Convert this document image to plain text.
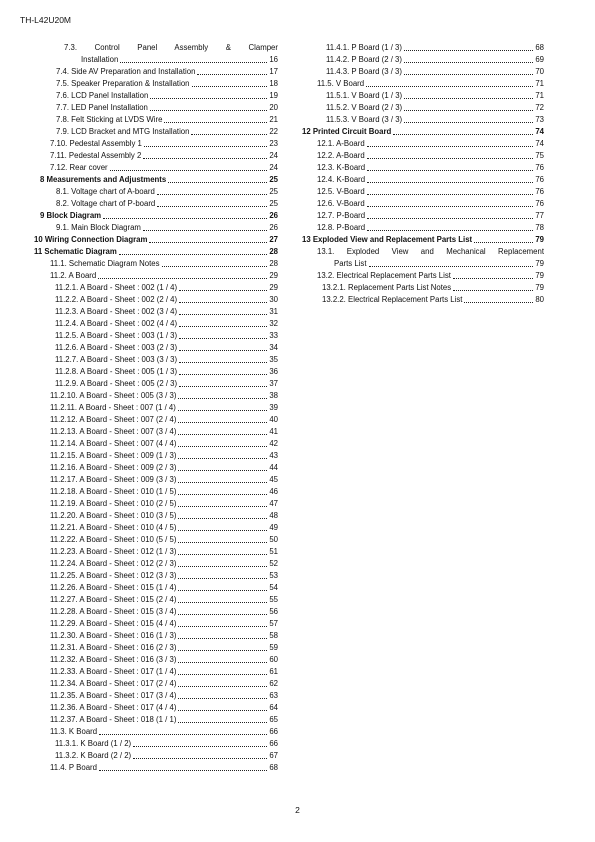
TH-L42U20M
7.3. Control Panel Assembly & Clamper
Installation	16
7.4. Side AV Preparation and Installation	17
7.5. Speaker Preparation & Installation	18
7.6. LCD Panel Installation	19
7.7. LED Panel Installation	20
7.8. Felt Sticking at LVDS Wire	21
7.9. LCD Bracket and MTG Installation	22
7.10. Pedestal Assembly 1	23
7.11. Pedestal Assembly 2	24
7.12. Rear cover	24
8 Measurements and Adjustments	25
8.1. Voltage chart of A-board	25
8.2. Voltage chart of P-board	25
9 Block Diagram	26
9.1. Main Block Diagram	26
10 Wiring Connection Diagram	27
11 Schematic Diagram	28
11.1. Schematic Diagram Notes	28
11.2. A Board	29
11.2.1. A Board - Sheet : 002 (1 / 4)	29
11.2.2. A Board - Sheet : 002 (2 / 4)	30
11.2.3. A Board - Sheet : 002 (3 / 4)	31
11.2.4. A Board - Sheet : 002 (4 / 4)	32
11.2.5. A Board - Sheet : 003 (1 / 3)	33
11.2.6. A Board - Sheet : 003 (2 / 3)	34
11.2.7. A Board - Sheet : 003 (3 / 3)	35
11.2.8. A Board - Sheet : 005 (1 / 3)	36
11.2.9. A Board - Sheet : 005 (2 / 3)	37
11.2.10. A Board - Sheet : 005 (3 / 3)	38
11.2.11. A Board - Sheet : 007 (1 / 4)	39
11.2.12. A Board - Sheet : 007 (2 / 4)	40
11.2.13. A Board - Sheet : 007 (3 / 4)	41
11.2.14. A Board - Sheet : 007 (4 / 4)	42
11.2.15. A Board - Sheet : 009 (1 / 3)	43
11.2.16. A Board - Sheet : 009 (2 / 3)	44
11.2.17. A Board - Sheet : 009 (3 / 3)	45
11.2.18. A Board - Sheet : 010 (1 / 5)	46
11.2.19. A Board - Sheet : 010 (2 / 5)	47
11.2.20. A Board - Sheet : 010 (3 / 5)	48
11.2.21. A Board - Sheet : 010 (4 / 5)	49
11.2.22. A Board - Sheet : 010 (5 / 5)	50
11.2.23. A Board - Sheet : 012 (1 / 3)	51
11.2.24. A Board - Sheet : 012 (2 / 3)	52
11.2.25. A Board - Sheet : 012 (3 / 3)	53
11.2.26. A Board - Sheet : 015 (1 / 4)	54
11.2.27. A Board - Sheet : 015 (2 / 4)	55
11.2.28. A Board - Sheet : 015 (3 / 4)	56
11.2.29. A Board - Sheet : 015 (4 / 4)	57
11.2.30. A Board - Sheet : 016 (1 / 3)	58
11.2.31. A Board - Sheet : 016 (2 / 3)	59
11.2.32. A Board - Sheet : 016 (3 / 3)	60
11.2.33. A Board - Sheet : 017 (1 / 4)	61
11.2.34. A Board - Sheet : 017 (2 / 4)	62
11.2.35. A Board - Sheet : 017 (3 / 4)	63
11.2.36. A Board - Sheet : 017 (4 / 4)	64
11.2.37. A Board - Sheet : 018 (1 / 1)	65
11.3. K Board	66
11.3.1. K Board (1 / 2)	66
11.3.2. K Board (2 / 2)	67
11.4. P Board	68
11.4.1. P Board (1 / 3)	68
11.4.2. P Board (2 / 3)	69
11.4.3. P Board (3 / 3)	70
11.5. V Board	71
11.5.1. V Board (1 / 3)	71
11.5.2. V Board (2 / 3)	72
11.5.3. V Board (3 / 3)	73
12 Printed Circuit Board	74
12.1. A-Board	74
12.2. A-Board	75
12.3. K-Board	76
12.4. K-Board	76
12.5. V-Board	76
12.6. V-Board	76
12.7. P-Board	77
12.8. P-Board	78
13 Exploded View and Replacement Parts List	79
13.1. Exploded View and Mechanical Replacement
Parts List	79
13.2. Electrical Replacement Parts List	79
13.2.1. Replacement Parts List Notes	79
13.2.2. Electrical Replacement Parts List	80
2
